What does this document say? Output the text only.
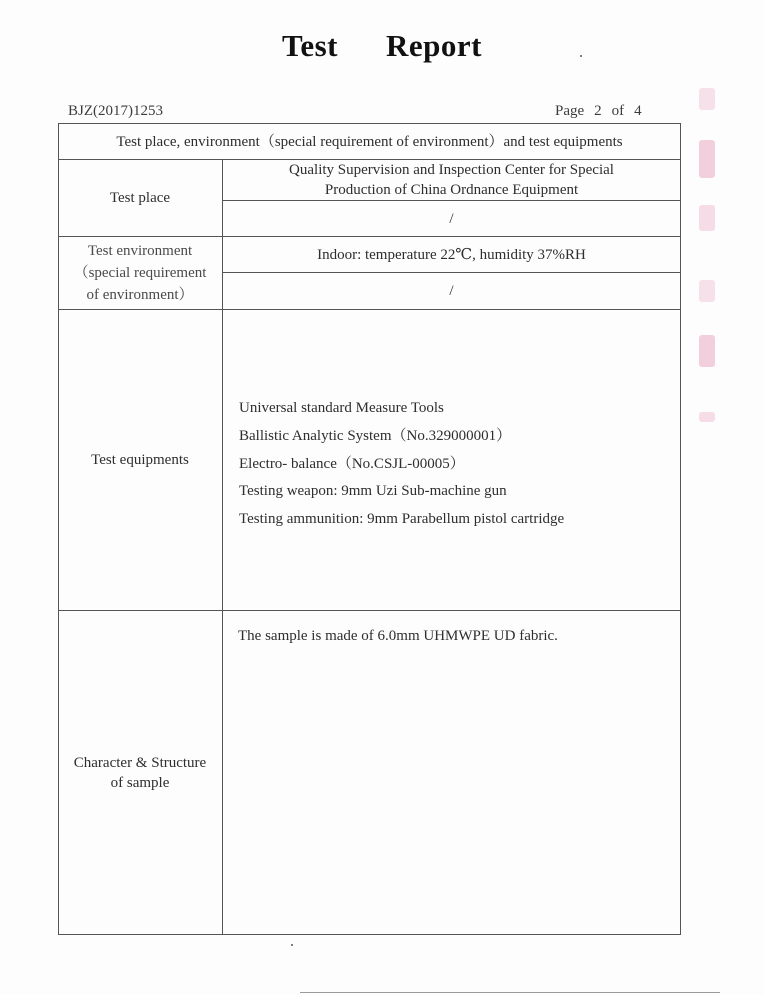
Test Report
BJZ(2017)1253	Page 2 of 4
Test place, environment（special requirement of environment）and test equipments
Test place
Quality Supervision and Inspection Center for Special
Production of China Ordnance Equipment
/
Test environment
（special requirement
of environment）
Indoor: temperature 22℃, humidity 37%RH
/
Test equipments
Universal standard Measure Tools
Ballistic Analytic System（No.329000001）
Electro- balance（No.CSJL-00005）
Testing weapon: 9mm Uzi Sub-machine gun
Testing ammunition: 9mm Parabellum pistol cartridge
Character & Structure
of sample
The sample is made of 6.0mm UHMWPE UD fabric.
